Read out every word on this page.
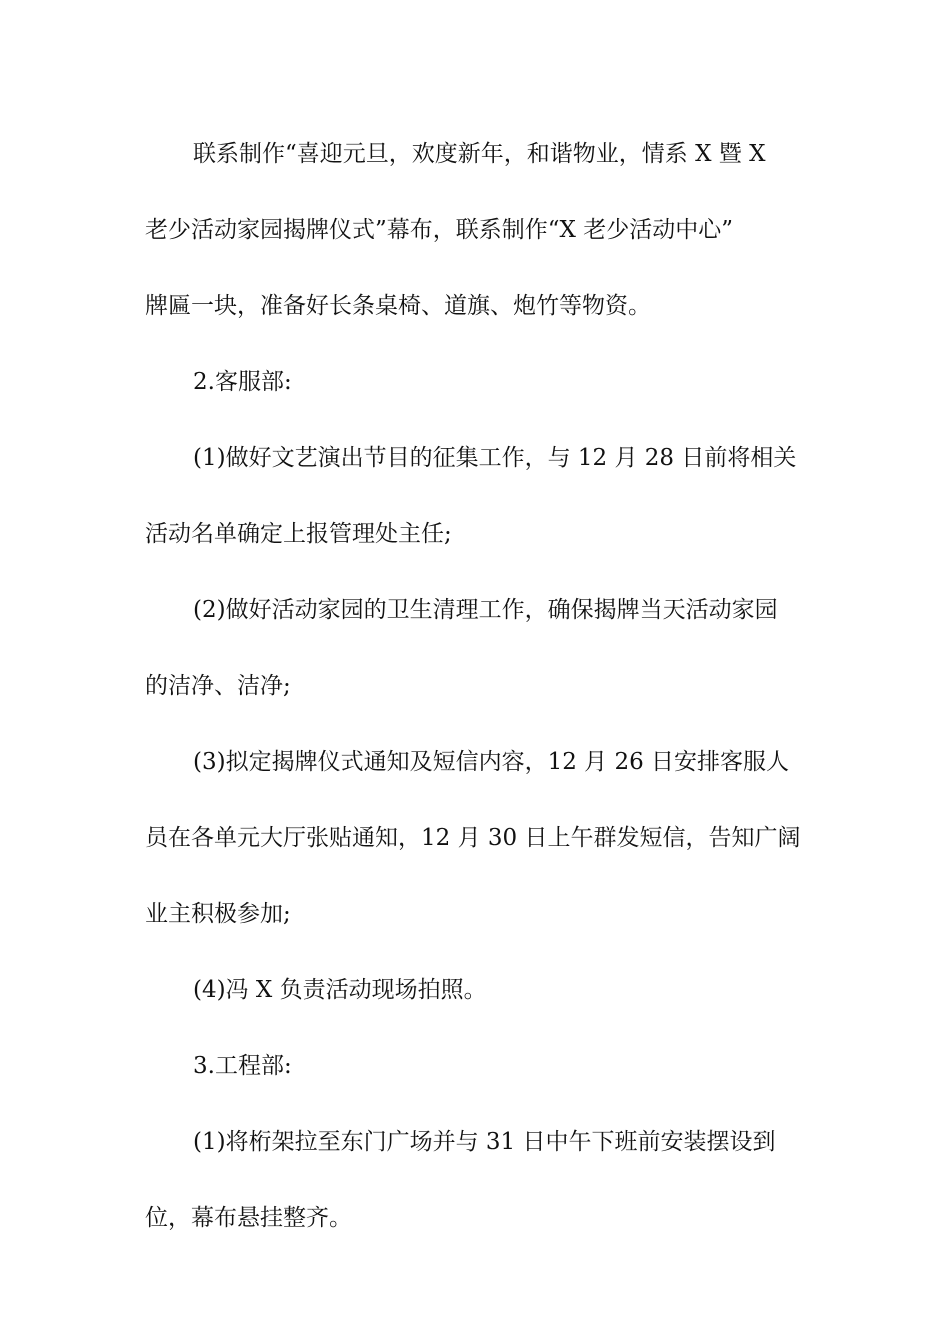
联系制作“喜迎元旦，欢度新年，和谐物业，情系 X 暨 X
老少活动家园揭牌仪式”幕布，联系制作“X 老少活动中心”
牌匾一块，准备好长条桌椅、道旗、炮竹等物资。
2.客服部:
(1)做好文艺演出节目的征集工作，与 12 月 28 日前将相关
活动名单确定上报管理处主任;
(2)做好活动家园的卫生清理工作，确保揭牌当天活动家园
的洁净、洁净;
(3)拟定揭牌仪式通知及短信内容，12 月 26 日安排客服人
员在各单元大厅张贴通知，12 月 30 日上午群发短信，告知广阔
业主积极参加;
(4)冯 X 负责活动现场拍照。
3.工程部:
(1)将桁架拉至东门广场并与 31 日中午下班前安装摆设到
位，幕布悬挂整齐。
